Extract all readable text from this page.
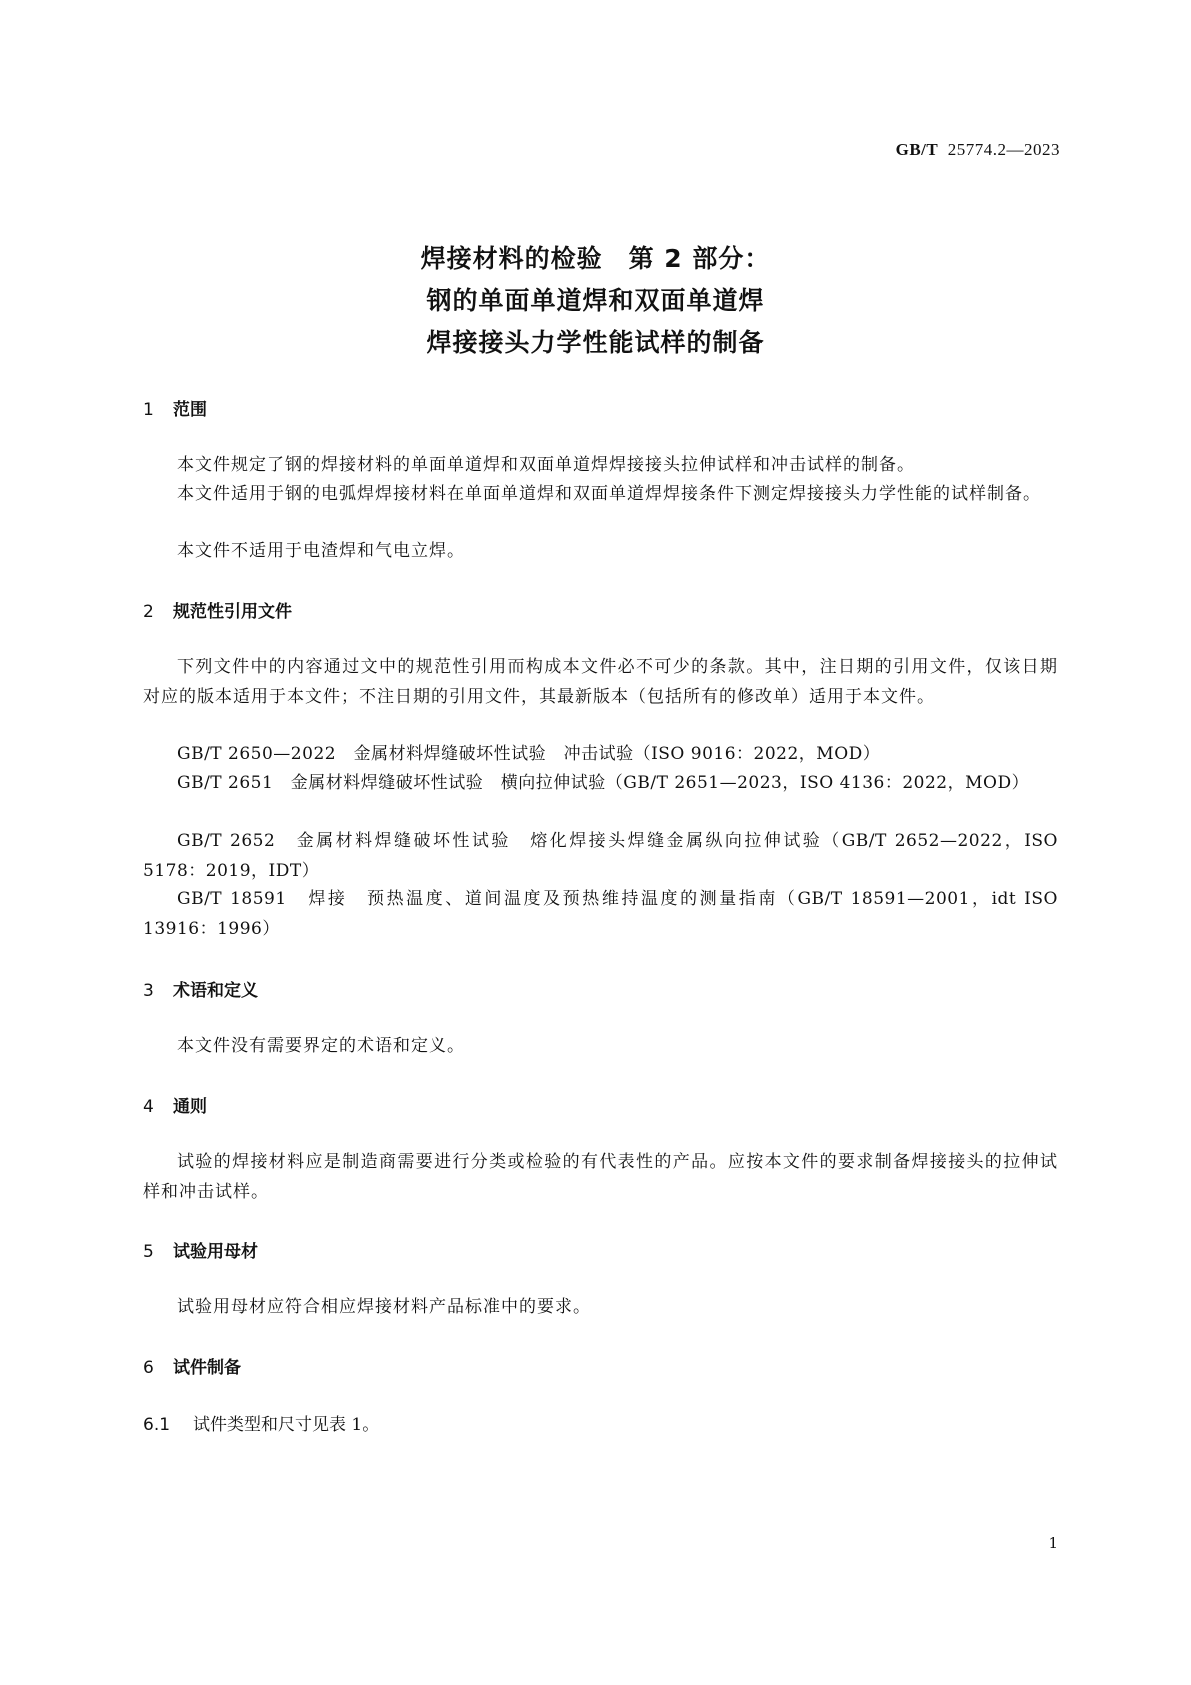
GB/T 25774.2—2023
焊接材料的检验　第 2 部分：
钢的单面单道焊和双面单道焊
焊接接头力学性能试样的制备
1 范围
本文件规定了钢的焊接材料的单面单道焊和双面单道焊焊接接头拉伸试样和冲击试样的制备。
本文件适用于钢的电弧焊焊接材料在单面单道焊和双面单道焊焊接条件下测定焊接接头力学性能的试样制备。
本文件不适用于电渣焊和气电立焊。
2 规范性引用文件
下列文件中的内容通过文中的规范性引用而构成本文件必不可少的条款。其中，注日期的引用文件，仅该日期对应的版本适用于本文件；不注日期的引用文件，其最新版本（包括所有的修改单）适用于本文件。
GB/T 2650—2022　金属材料焊缝破坏性试验　冲击试验（ISO 9016：2022，MOD）
GB/T 2651　金属材料焊缝破坏性试验　横向拉伸试验（GB/T 2651—2023，ISO 4136：2022，MOD）
GB/T 2652　金属材料焊缝破坏性试验　熔化焊接头焊缝金属纵向拉伸试验（GB/T 2652—2022，ISO 5178：2019，IDT）
GB/T 18591　焊接　预热温度、道间温度及预热维持温度的测量指南（GB/T 18591—2001，idt ISO 13916：1996）
3 术语和定义
本文件没有需要界定的术语和定义。
4 通则
试验的焊接材料应是制造商需要进行分类或检验的有代表性的产品。应按本文件的要求制备焊接接头的拉伸试样和冲击试样。
5 试验用母材
试验用母材应符合相应焊接材料产品标准中的要求。
6 试件制备
6.1 试件类型和尺寸见表 1。
1
